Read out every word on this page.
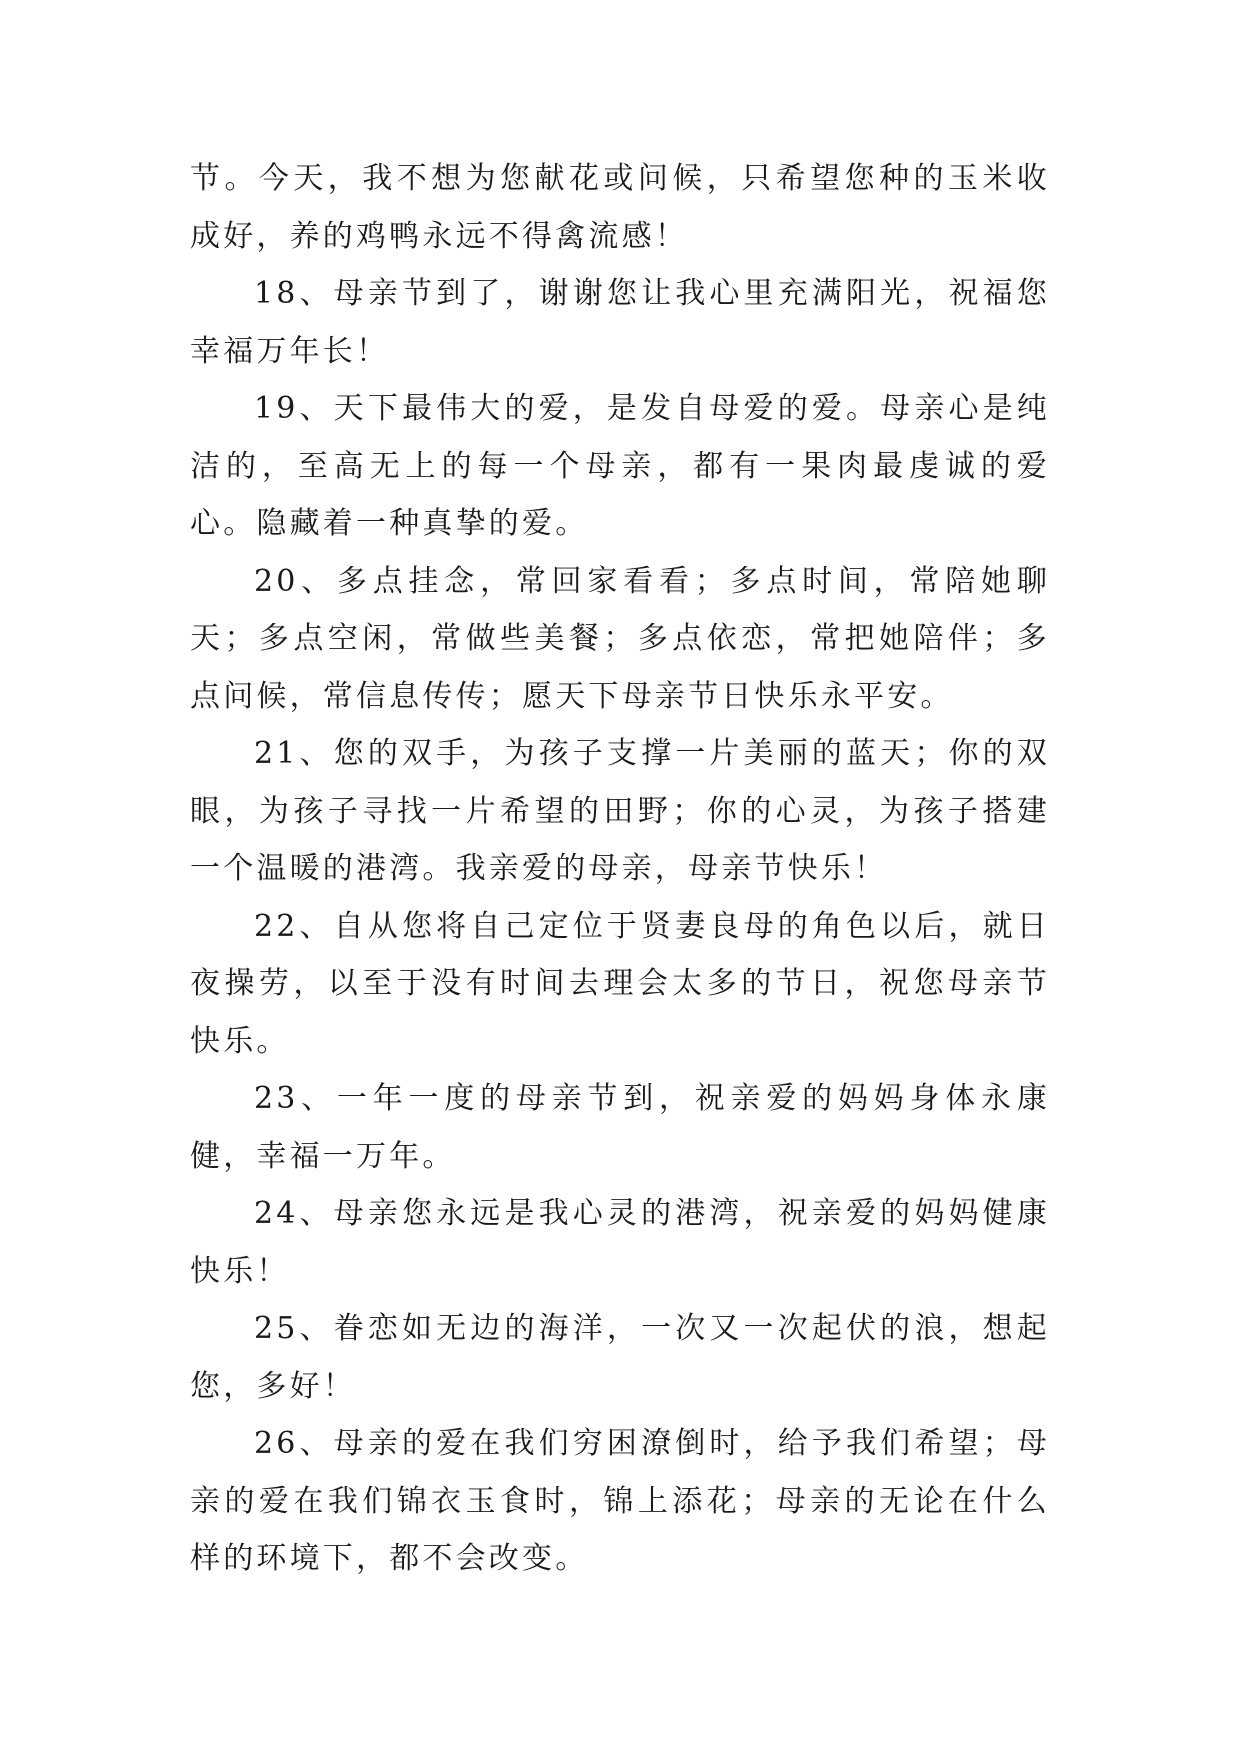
节。今天，我不想为您献花或问候，只希望您种的玉米收成好，养的鸡鸭永远不得禽流感！

18、母亲节到了，谢谢您让我心里充满阳光，祝福您幸福万年长！

19、天下最伟大的爱，是发自母爱的爱。母亲心是纯洁的，至高无上的每一个母亲，都有一果肉最虔诚的爱心。隐藏着一种真挚的爱。

20、多点挂念，常回家看看；多点时间，常陪她聊天；多点空闲，常做些美餐；多点依恋，常把她陪伴；多点问候，常信息传传；愿天下母亲节日快乐永平安。

21、您的双手，为孩子支撑一片美丽的蓝天；你的双眼，为孩子寻找一片希望的田野；你的心灵，为孩子搭建一个温暖的港湾。我亲爱的母亲，母亲节快乐！

22、自从您将自己定位于贤妻良母的角色以后，就日夜操劳，以至于没有时间去理会太多的节日，祝您母亲节快乐。

23、一年一度的母亲节到，祝亲爱的妈妈身体永康健，幸福一万年。

24、母亲您永远是我心灵的港湾，祝亲爱的妈妈健康快乐！

25、眷恋如无边的海洋，一次又一次起伏的浪，想起您，多好！

26、母亲的爱在我们穷困潦倒时，给予我们希望；母亲的爱在我们锦衣玉食时，锦上添花；母亲的无论在什么样的环境下，都不会改变。
